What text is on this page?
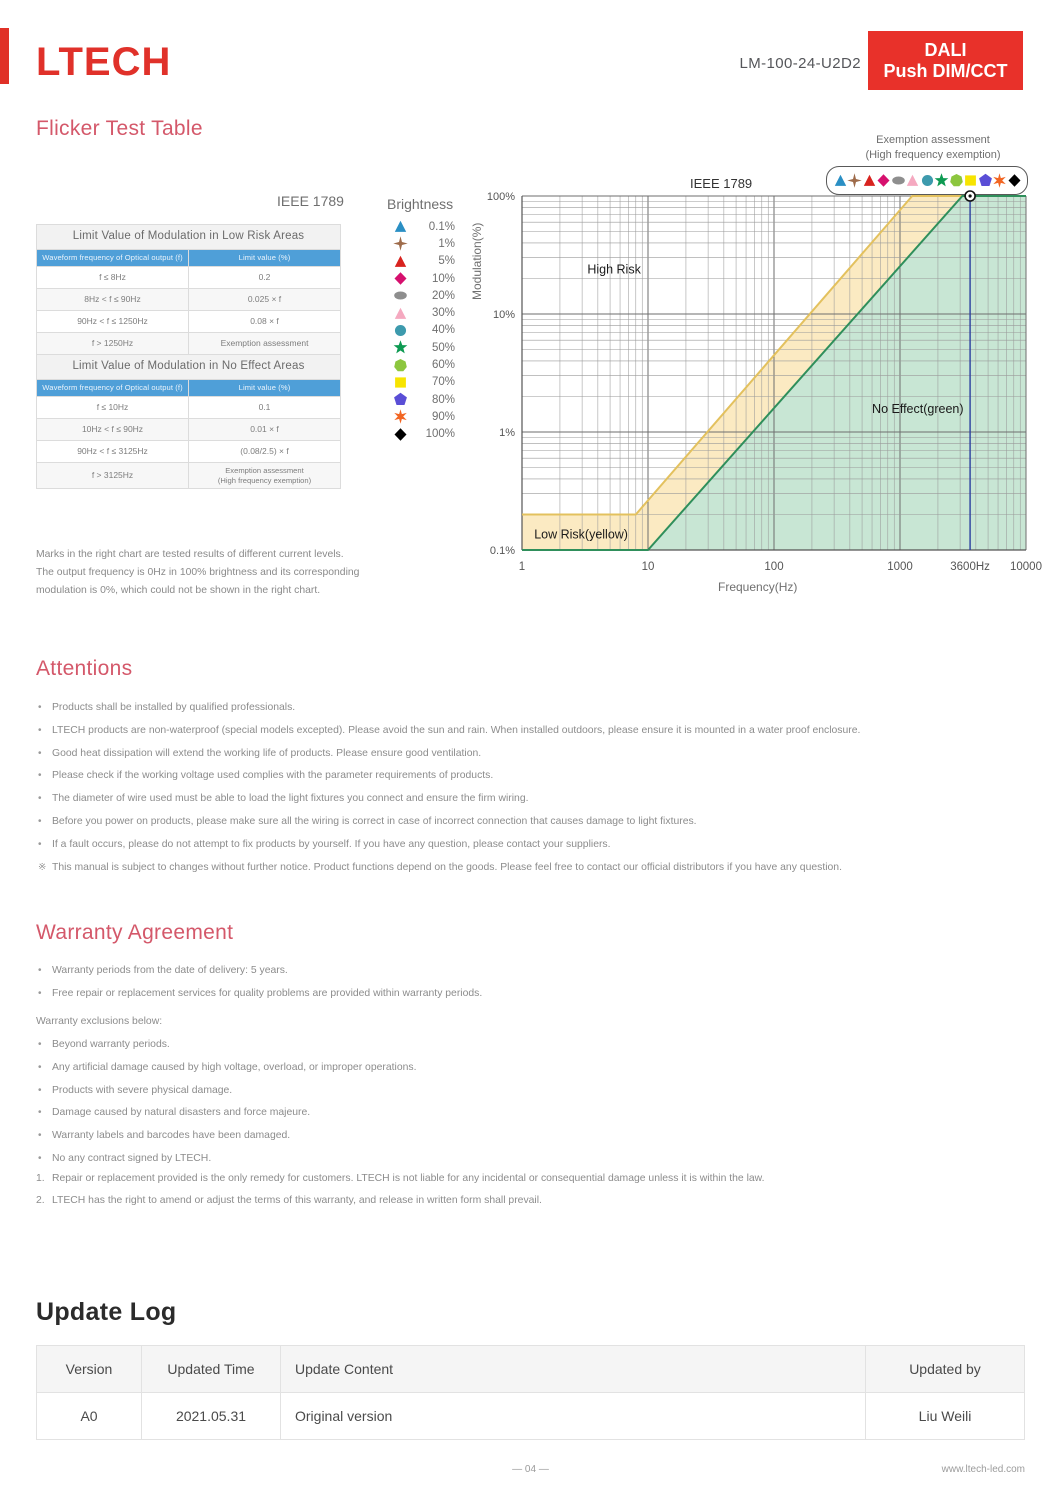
LTECH	LM-100-24-U2D2
DALI
Push DIM/CCT
Flicker Test Table
IEEE 1789
Limit Value of Modulation in Low Risk Areas	
Waveform frequency of Optical output (f)	Limit value (%)
f ≤ 8Hz	0.2
8Hz < f ≤ 90Hz	0.025 × f
90Hz < f ≤ 1250Hz	0.08 × f
f > 1250Hz	Exemption assessment
Limit Value of Modulation in No Effect Areas	
Waveform frequency of Optical output (f)	Limit value (%)
f ≤ 10Hz	0.1
10Hz < f ≤ 90Hz	0.01 × f
90Hz < f ≤ 3125Hz	(0.08/2.5) × f
f > 3125Hz	Exemption assessment
(High frequency exemption)
Brightness
0.1%
1%
5%
10%
20%
30%
40%
50%
60%
70%
80%
90%
100%
Exemption assessment
(High frequency exemption)
IEEE 1789
Modulation(%)
Frequency(Hz)
High Risk
No Effect(green)
Low Risk(yellow)
0.1%
1%
10%
100%
1	10	100	1000	3600Hz 10000
Marks in the right chart are tested results of different current levels.
The output frequency is 0Hz in 100% brightness and its corresponding
modulation is 0%, which could not be shown in the right chart.
Attentions
•	Products shall be installed by qualified professionals.
•	LTECH products are non-waterproof (special models excepted). Please avoid the sun and rain. When installed outdoors, please ensure it is mounted in a water proof enclosure.
•	Good heat dissipation will extend the working life of products. Please ensure good ventilation.
•	Please check if the working voltage used complies with the parameter requirements of products.
•	The diameter of wire used must be able to load the light fixtures you connect and ensure the firm wiring.
•	Before you power on products, please make sure all the wiring is correct in case of incorrect connection that causes damage to light fixtures.
•	If a fault occurs, please do not attempt to fix products by yourself. If you have any question, please contact your suppliers.
※ This manual is subject to changes without further notice. Product functions depend on the goods. Please feel free to contact our official distributors if you have any question.
Warranty Agreement
•	Warranty periods from the date of delivery: 5 years.
•	Free repair or replacement services for quality problems are provided within warranty periods.
Warranty exclusions below:
•	Beyond warranty periods.
•	Any artificial damage caused by high voltage, overload, or improper operations.
•	Products with severe physical damage.
•	Damage caused by natural disasters and force majeure.
•	Warranty labels and barcodes have been damaged.
•	No any contract signed by LTECH.
1. Repair or replacement provided is the only remedy for customers. LTECH is not liable for any incidental or consequential damage unless it is within the law.
2. LTECH has the right to amend or adjust the terms of this warranty, and release in written form shall prevail.
Update Log
Version	Updated Time	Update Content	Updated by
A0	2021.05.31	Original version	Liu Weili
— 04 —	www.ltech-led.com
